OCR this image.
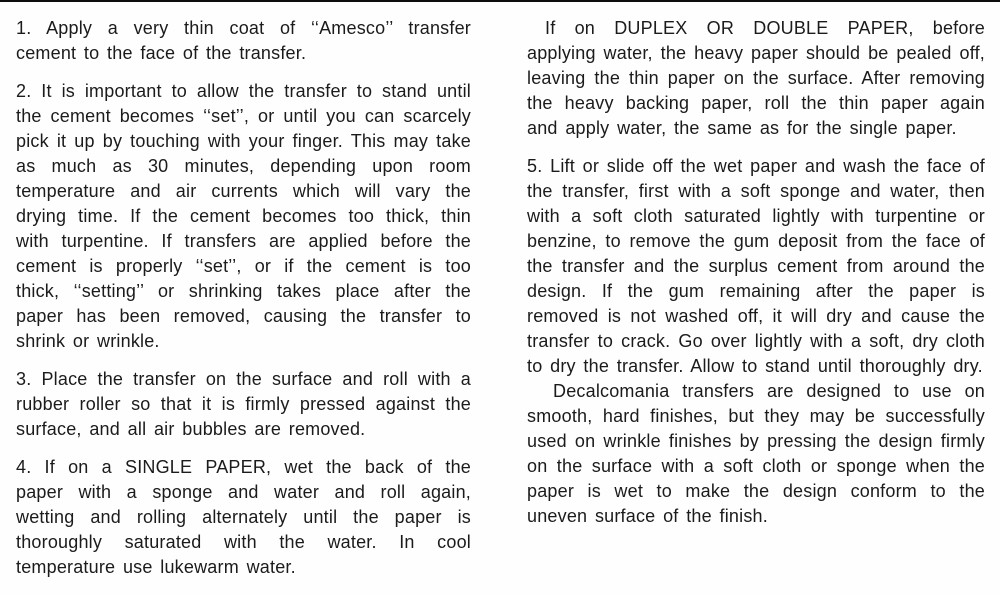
1. Apply a very thin coat of ‘‘Amesco’’ transfer cement to the face of the transfer.

2. It is important to allow the transfer to stand until the cement becomes ‘‘set’’, or until you can scarcely pick it up by touching with your finger. This may take as much as 30 minutes, depending upon room temperature and air currents which will vary the drying time. If the cement becomes too thick, thin with turpentine. If transfers are applied before the cement is properly ‘‘set’’, or if the cement is too thick, ‘‘setting’’ or shrinking takes place after the paper has been removed, causing the transfer to shrink or wrinkle.

3. Place the transfer on the surface and roll with a rubber roller so that it is firmly pressed against the surface, and all air bubbles are removed.

4. If on a SINGLE PAPER, wet the back of the paper with a sponge and water and roll again, wetting and rolling alternately until the paper is thoroughly saturated with the water. In cool temperature use lukewarm water.

If on DUPLEX OR DOUBLE PAPER, before applying water, the heavy paper should be pealed off, leaving the thin paper on the surface. After removing the heavy backing paper, roll the thin paper again and apply water, the same as for the single paper.

5. Lift or slide off the wet paper and wash the face of the transfer, first with a soft sponge and water, then with a soft cloth saturated lightly with turpentine or benzine, to remove the gum deposit from the face of the transfer and the surplus cement from around the design. If the gum remaining after the paper is removed is not washed off, it will dry and cause the transfer to crack. Go over lightly with a soft, dry cloth to dry the transfer. Allow to stand until thoroughly dry.

Decalcomania transfers are designed to use on smooth, hard finishes, but they may be successfully used on wrinkle finishes by pressing the design firmly on the surface with a soft cloth or sponge when the paper is wet to make the design conform to the uneven surface of the finish.
